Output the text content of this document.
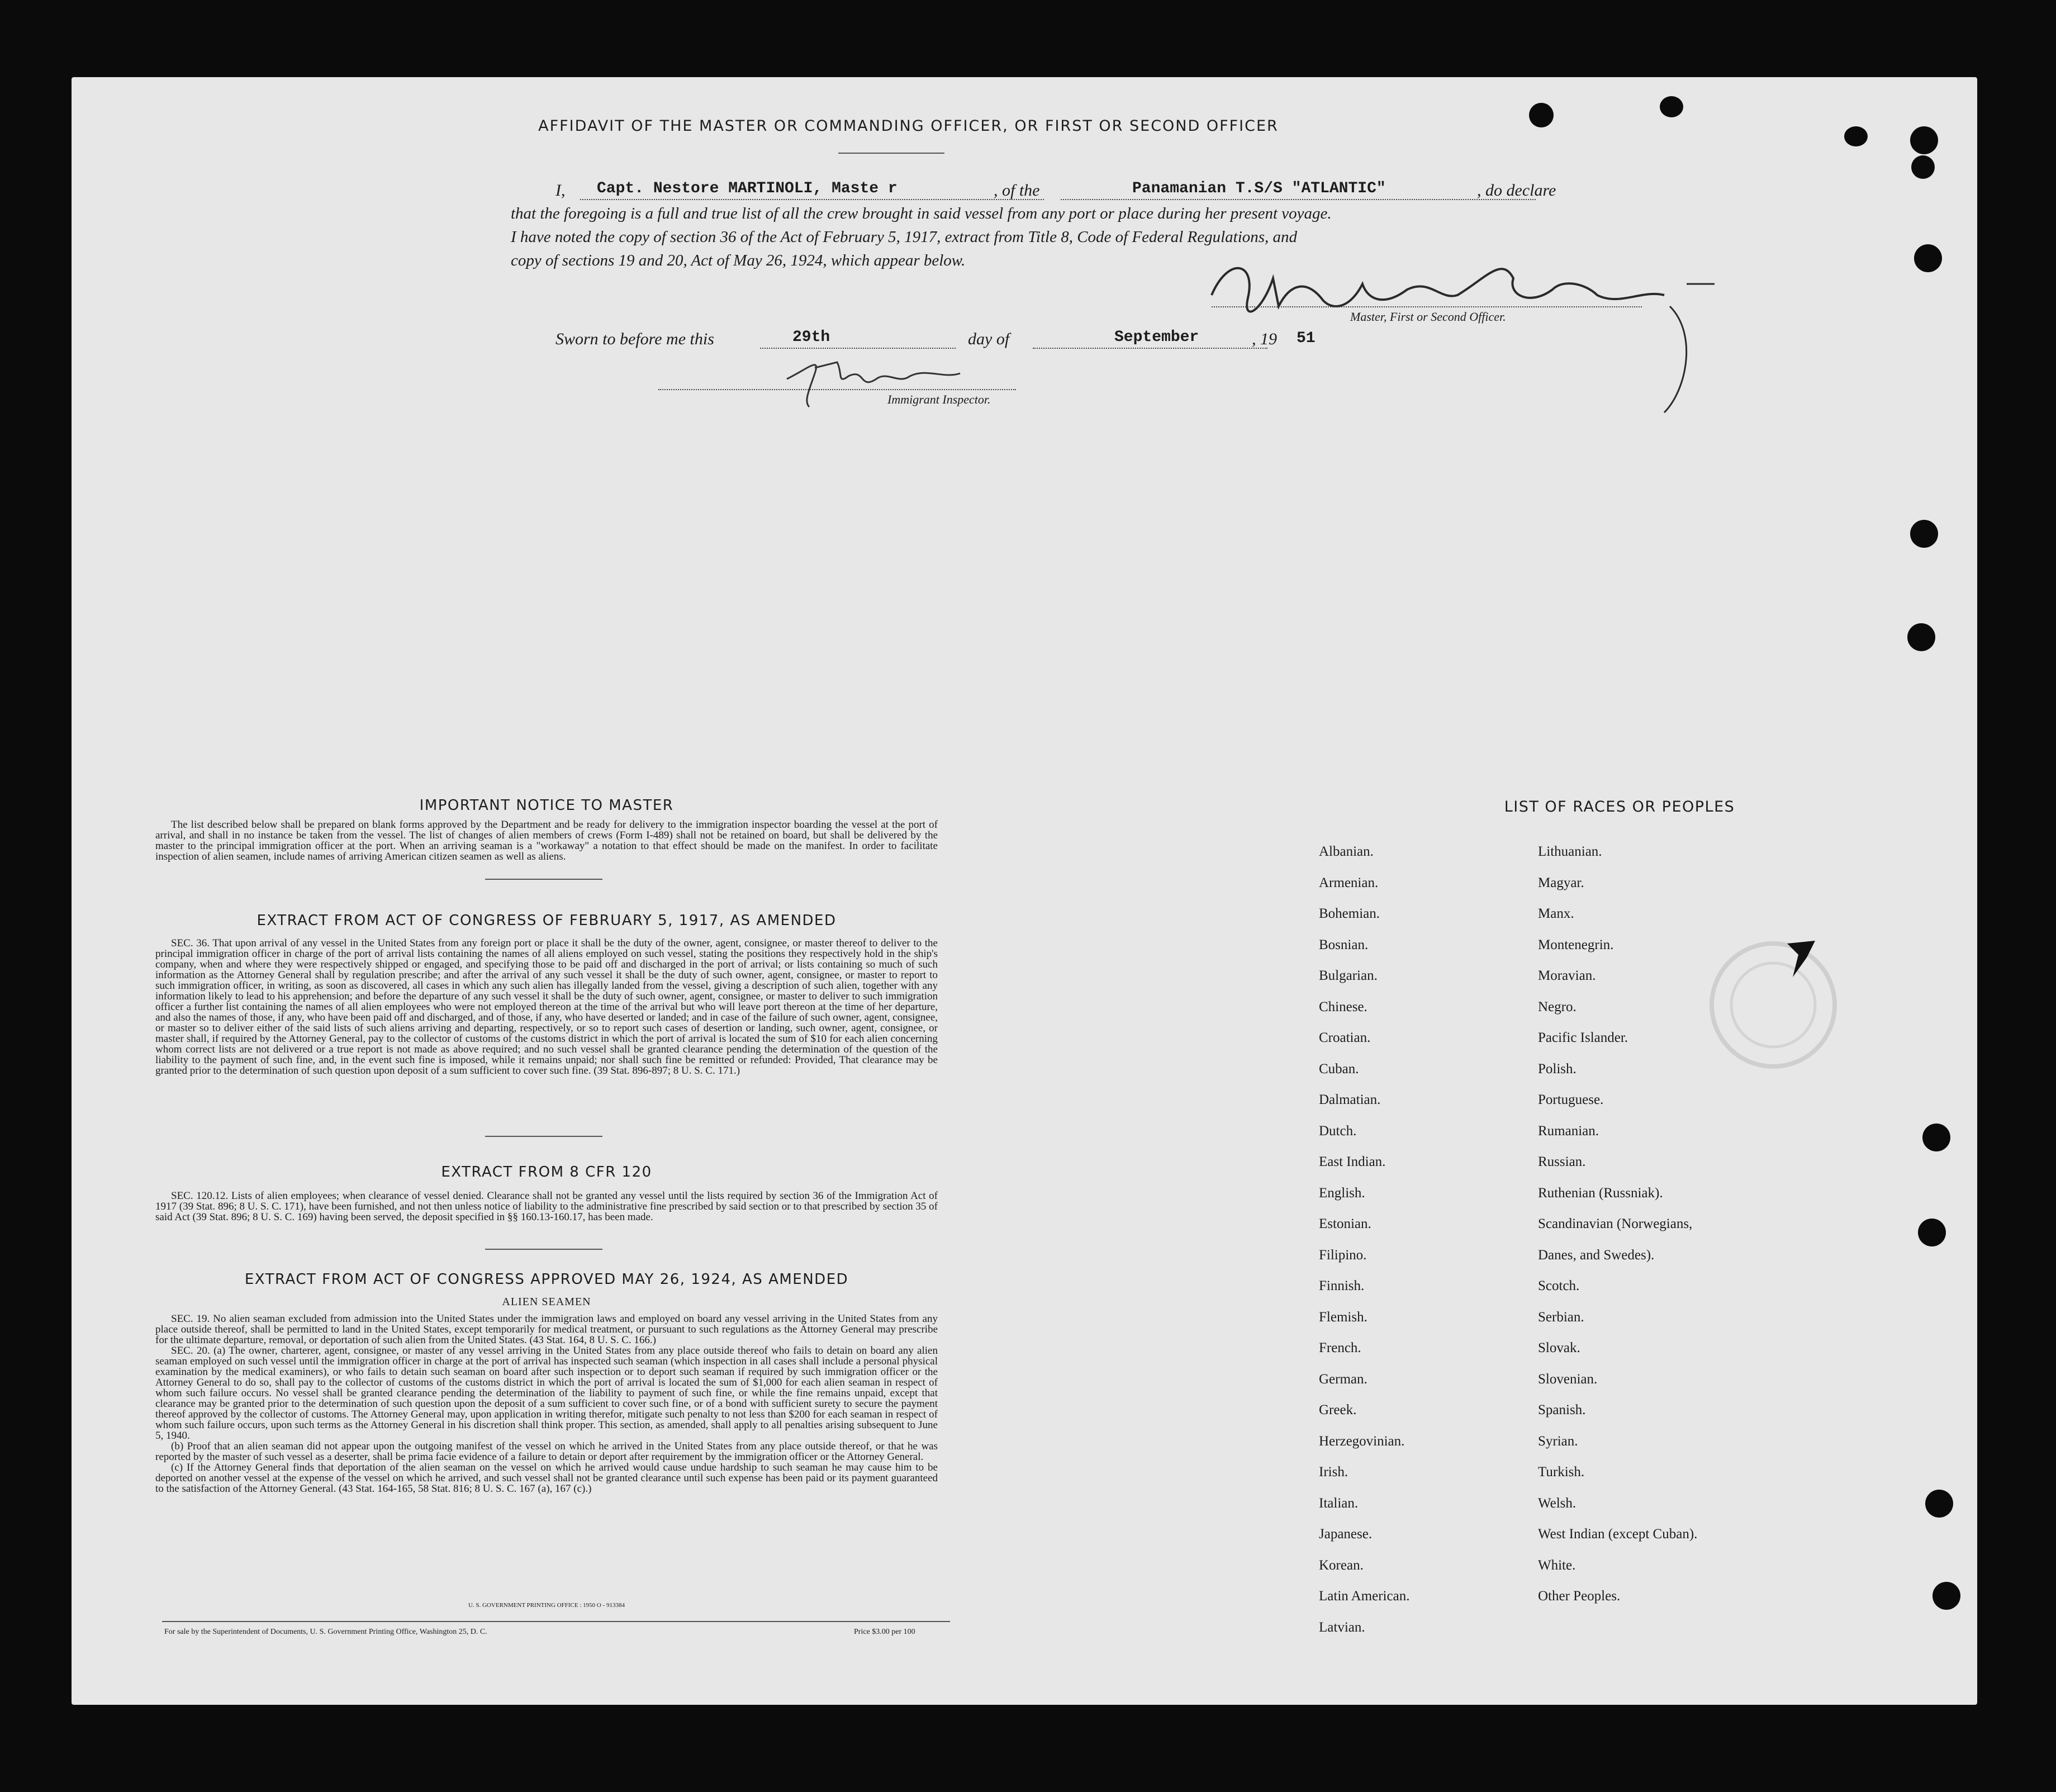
AFFIDAVIT OF THE MASTER OR COMMANDING OFFICER, OR FIRST OR SECOND OFFICER
I, Capt. Nestore MARTINOLI, Maste r	, of the	Panamanian T.S/S "ATLANTIC"	, do declare
that the foregoing is a full and true list of all the crew brought in said vessel from any port or place during her present voyage.
I have noted the copy of section 36 of the Act of February 5, 1917, extract from Title 8, Code of Federal Regulations, and
copy of sections 19 and 20, Act of May 26, 1924, which appear below.
Master, First or Second Officer.
Sworn to before me this	29th	day of	September	, 19 51
Immigrant Inspector.
IMPORTANT NOTICE TO MASTER

The list described below shall be prepared on blank forms approved by the Department and be ready for delivery to the immigration inspector boarding the vessel at the port of arrival, and shall in no instance be taken from the vessel. The list of changes of alien members of crews (Form I-489) shall not be retained on board, but shall be delivered by the master to the principal immigration officer at the port. When an arriving seaman is a "workaway" a notation to that effect should be made on the manifest. In order to facilitate inspection of alien seamen, include names of arriving American citizen seamen as well as aliens.

EXTRACT FROM ACT OF CONGRESS OF FEBRUARY 5, 1917, AS AMENDED

SEC. 36. That upon arrival of any vessel in the United States from any foreign port or place it shall be the duty of the owner, agent, consignee, or master thereof to deliver to the principal immigration officer in charge of the port of arrival lists containing the names of all aliens employed on such vessel, stating the positions they respectively hold in the ship's company, when and where they were respectively shipped or engaged, and specifying those to be paid off and discharged in the port of arrival; or lists containing so much of such information as the Attorney General shall by regulation prescribe; and after the arrival of any such vessel it shall be the duty of such owner, agent, consignee, or master to report to such immigration officer, in writing, as soon as discovered, all cases in which any such alien has illegally landed from the vessel, giving a description of such alien, together with any information likely to lead to his apprehension; and before the departure of any such vessel it shall be the duty of such owner, agent, consignee, or master to deliver to such immigration officer a further list containing the names of all alien employees who were not employed thereon at the time of the arrival but who will leave port thereon at the time of her departure, and also the names of those, if any, who have been paid off and discharged, and of those, if any, who have deserted or landed; and in case of the failure of such owner, agent, consignee, or master so to deliver either of the said lists of such aliens arriving and departing, respectively, or so to report such cases of desertion or landing, such owner, agent, consignee, or master shall, if required by the Attorney General, pay to the collector of customs of the customs district in which the port of arrival is located the sum of $10 for each alien concerning whom correct lists are not delivered or a true report is not made as above required; and no such vessel shall be granted clearance pending the determination of the question of the liability to the payment of such fine, and, in the event such fine is imposed, while it remains unpaid; nor shall such fine be remitted or refunded: Provided, That clearance may be granted prior to the determination of such question upon deposit of a sum sufficient to cover such fine. (39 Stat. 896-897; 8 U. S. C. 171.)

EXTRACT FROM 8 CFR 120

SEC. 120.12. Lists of alien employees; when clearance of vessel denied. Clearance shall not be granted any vessel until the lists required by section 36 of the Immigration Act of 1917 (39 Stat. 896; 8 U. S. C. 171), have been furnished, and not then unless notice of liability to the administrative fine prescribed by said section or to that prescribed by section 35 of said Act (39 Stat. 896; 8 U. S. C. 169) having been served, the deposit specified in §§ 160.13-160.17, has been made.

EXTRACT FROM ACT OF CONGRESS APPROVED MAY 26, 1924, AS AMENDED
ALIEN SEAMEN

SEC. 19. No alien seaman excluded from admission into the United States under the immigration laws and employed on board any vessel arriving in the United States from any place outside thereof, shall be permitted to land in the United States, except temporarily for medical treatment, or pursuant to such regulations as the Attorney General may prescribe for the ultimate departure, removal, or deportation of such alien from the United States. (43 Stat. 164, 8 U. S. C. 166.)

SEC. 20. (a) The owner, charterer, agent, consignee, or master of any vessel arriving in the United States from any place outside thereof who fails to detain on board any alien seaman employed on such vessel until the immigration officer in charge at the port of arrival has inspected such seaman (which inspection in all cases shall include a personal physical examination by the medical examiners), or who fails to detain such seaman on board after such inspection or to deport such seaman if required by such immigration officer or the Attorney General to do so, shall pay to the collector of customs of the customs district in which the port of arrival is located the sum of $1,000 for each alien seaman in respect of whom such failure occurs. No vessel shall be granted clearance pending the determination of the liability to payment of such fine, or while the fine remains unpaid, except that clearance may be granted prior to the determination of such question upon the deposit of a sum sufficient to cover such fine, or of a bond with sufficient surety to secure the payment thereof approved by the collector of customs. The Attorney General may, upon application in writing therefor, mitigate such penalty to not less than $200 for each seaman in respect of whom such failure occurs, upon such terms as the Attorney General in his discretion shall think proper. This section, as amended, shall apply to all penalties arising subsequent to June 5, 1940.

(b) Proof that an alien seaman did not appear upon the outgoing manifest of the vessel on which he arrived in the United States from any place outside thereof, or that he was reported by the master of such vessel as a deserter, shall be prima facie evidence of a failure to detain or deport after requirement by the immigration officer or the Attorney General.

(c) If the Attorney General finds that deportation of the alien seaman on the vessel on which he arrived would cause undue hardship to such seaman he may cause him to be deported on another vessel at the expense of the vessel on which he arrived, and such vessel shall not be granted clearance until such expense has been paid or its payment guaranteed to the satisfaction of the Attorney General. (43 Stat. 164-165, 58 Stat. 816; 8 U. S. C. 167 (a), 167 (c).)

U. S. GOVERNMENT PRINTING OFFICE : 1950 O - 913384
For sale by the Superintendent of Documents, U. S. Government Printing Office, Washington 25, D. C.	Price $3.00 per 100
LIST OF RACES OR PEOPLES
Albanian.
Armenian.
Bohemian.
Bosnian.
Bulgarian.
Chinese.
Croatian.
Cuban.
Dalmatian.
Dutch.
East Indian.
English.
Estonian.
Filipino.
Finnish.
Flemish.
French.
German.
Greek.
Herzegovinian.
Irish.
Italian.
Japanese.
Korean.
Latin American.
Latvian.
Lithuanian.
Magyar.
Manx.
Montenegrin.
Moravian.
Negro.
Pacific Islander.
Polish.
Portuguese.
Rumanian.
Russian.
Ruthenian (Russniak).
Scandinavian (Norwegians,
Danes, and Swedes).
Scotch.
Serbian.
Slovak.
Slovenian.
Spanish.
Syrian.
Turkish.
Welsh.
West Indian (except Cuban).
White.
Other Peoples.
